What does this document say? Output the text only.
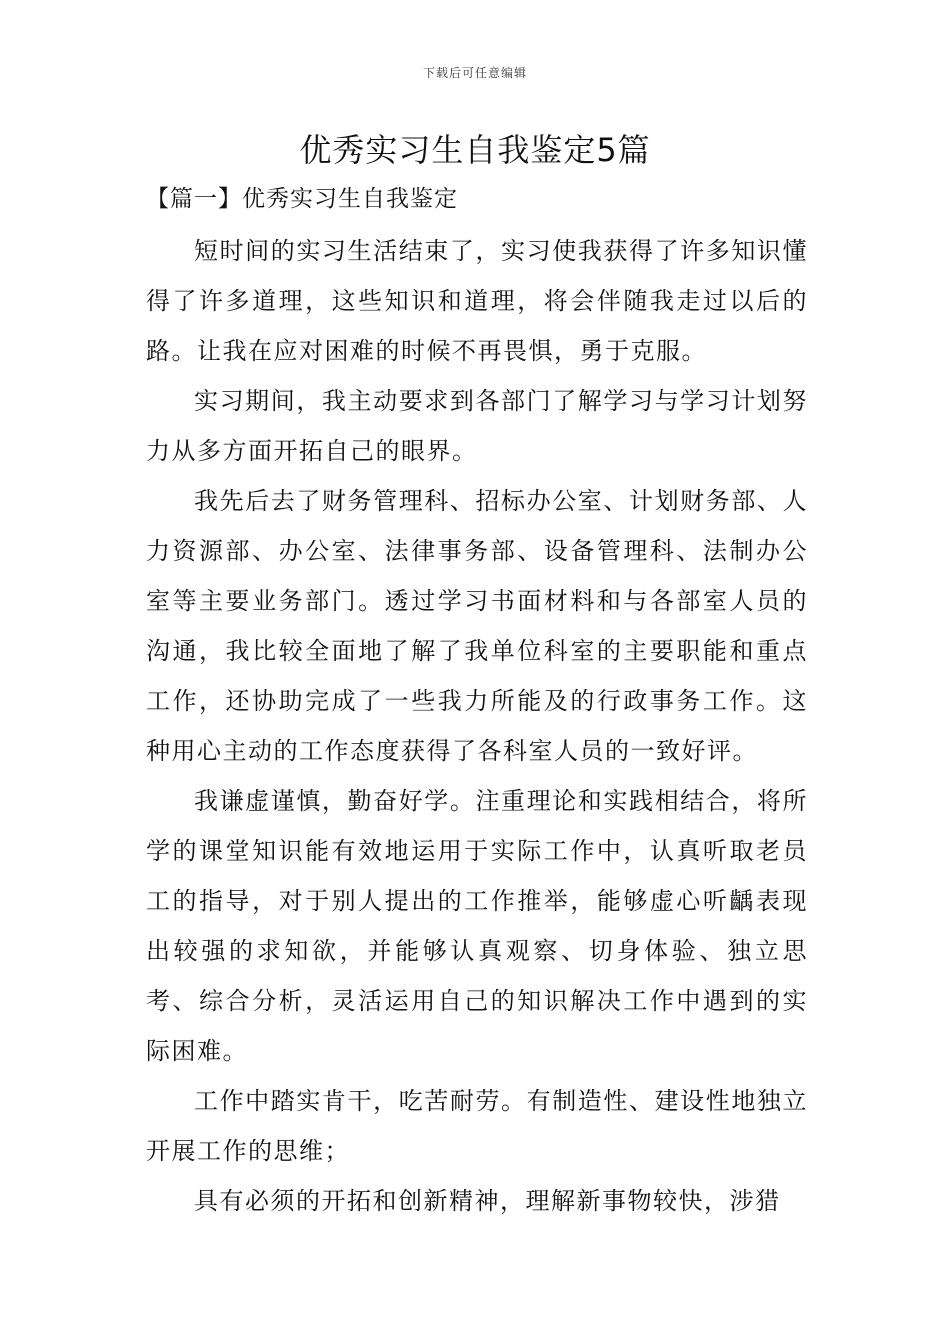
下载后可任意编辑
优秀实习生自我鉴定5篇
【篇一】优秀实习生自我鉴定

短时间的实习生活结束了，实习使我获得了许多知识懂得了许多道理，这些知识和道理，将会伴随我走过以后的路。让我在应对困难的时候不再畏惧，勇于克服。

实习期间，我主动要求到各部门了解学习与学习计划努力从多方面开拓自己的眼界。

我先后去了财务管理科、招标办公室、计划财务部、人力资源部、办公室、法律事务部、设备管理科、法制办公室等主要业务部门。透过学习书面材料和与各部室人员的沟通，我比较全面地了解了我单位科室的主要职能和重点工作，还协助完成了一些我力所能及的行政事务工作。这种用心主动的工作态度获得了各科室人员的一致好评。

我谦虚谨慎，勤奋好学。注重理论和实践相结合，将所学的课堂知识能有效地运用于实际工作中，认真听取老员工的指导，对于别人提出的工作推举，能够虚心听齲表现出较强的求知欲，并能够认真观察、切身体验、独立思考、综合分析，灵活运用自己的知识解决工作中遇到的实际困难。

工作中踏实肯干，吃苦耐劳。有制造性、建设性地独立开展工作的思维；

具有必须的开拓和创新精神，理解新事物较快，涉猎
